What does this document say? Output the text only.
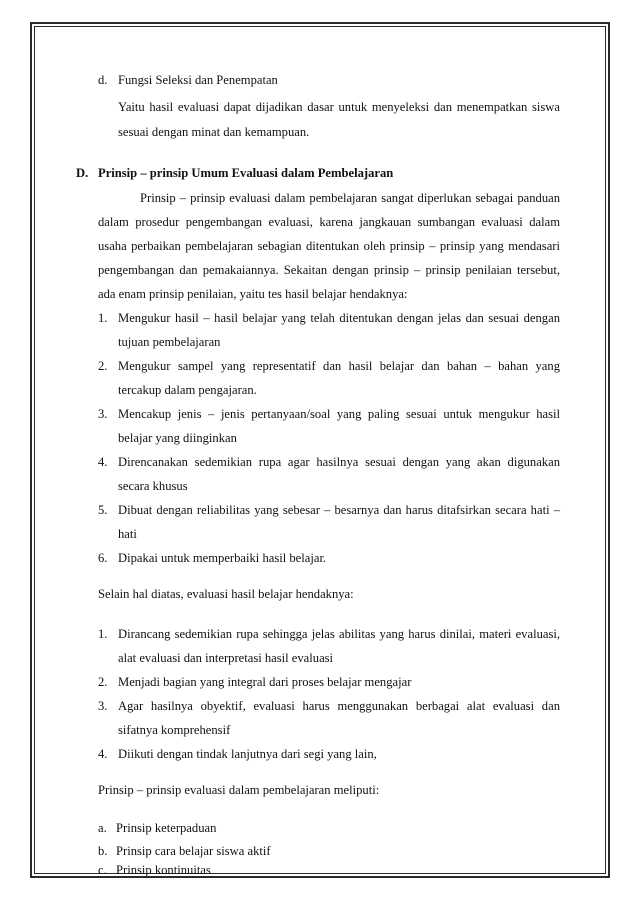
d. Fungsi Seleksi dan Penempatan
Yaitu hasil evaluasi dapat dijadikan dasar untuk menyeleksi dan menempatkan siswa
sesuai dengan minat dan kemampuan.
D. Prinsip – prinsip Umum Evaluasi dalam Pembelajaran
Prinsip – prinsip evaluasi dalam pembelajaran sangat diperlukan sebagai panduan
dalam prosedur pengembangan evaluasi, karena jangkauan sumbangan evaluasi dalam
usaha perbaikan pembelajaran sebagian ditentukan oleh prinsip – prinsip yang mendasari
pengembangan dan pemakaiannya. Sekaitan dengan prinsip – prinsip penilaian tersebut,
ada enam prinsip penilaian, yaitu tes hasil belajar hendaknya:
1. Mengukur hasil – hasil belajar yang telah ditentukan dengan jelas dan sesuai dengan
tujuan pembelajaran
2. Mengukur sampel yang representatif dan hasil belajar dan bahan – bahan yang
tercakup dalam pengajaran.
3. Mencakup jenis – jenis pertanyaan/soal yang paling sesuai untuk mengukur hasil
belajar yang diinginkan
4. Direncanakan sedemikian rupa agar hasilnya sesuai dengan yang akan digunakan
secara khusus
5. Dibuat dengan reliabilitas yang sebesar – besarnya dan harus ditafsirkan secara hati –
hati
6. Dipakai untuk memperbaiki hasil belajar.
Selain hal diatas, evaluasi hasil belajar hendaknya:
1. Dirancang sedemikian rupa sehingga jelas abilitas yang harus dinilai, materi evaluasi,
alat evaluasi dan interpretasi hasil evaluasi
2. Menjadi bagian yang integral dari proses belajar mengajar
3. Agar hasilnya obyektif, evaluasi harus menggunakan berbagai alat evaluasi dan
sifatnya komprehensif
4. Diikuti dengan tindak lanjutnya dari segi yang lain,
Prinsip – prinsip evaluasi dalam pembelajaran meliputi:
a. Prinsip keterpaduan
b. Prinsip cara belajar siswa aktif
c. Prinsip kontinuitas
